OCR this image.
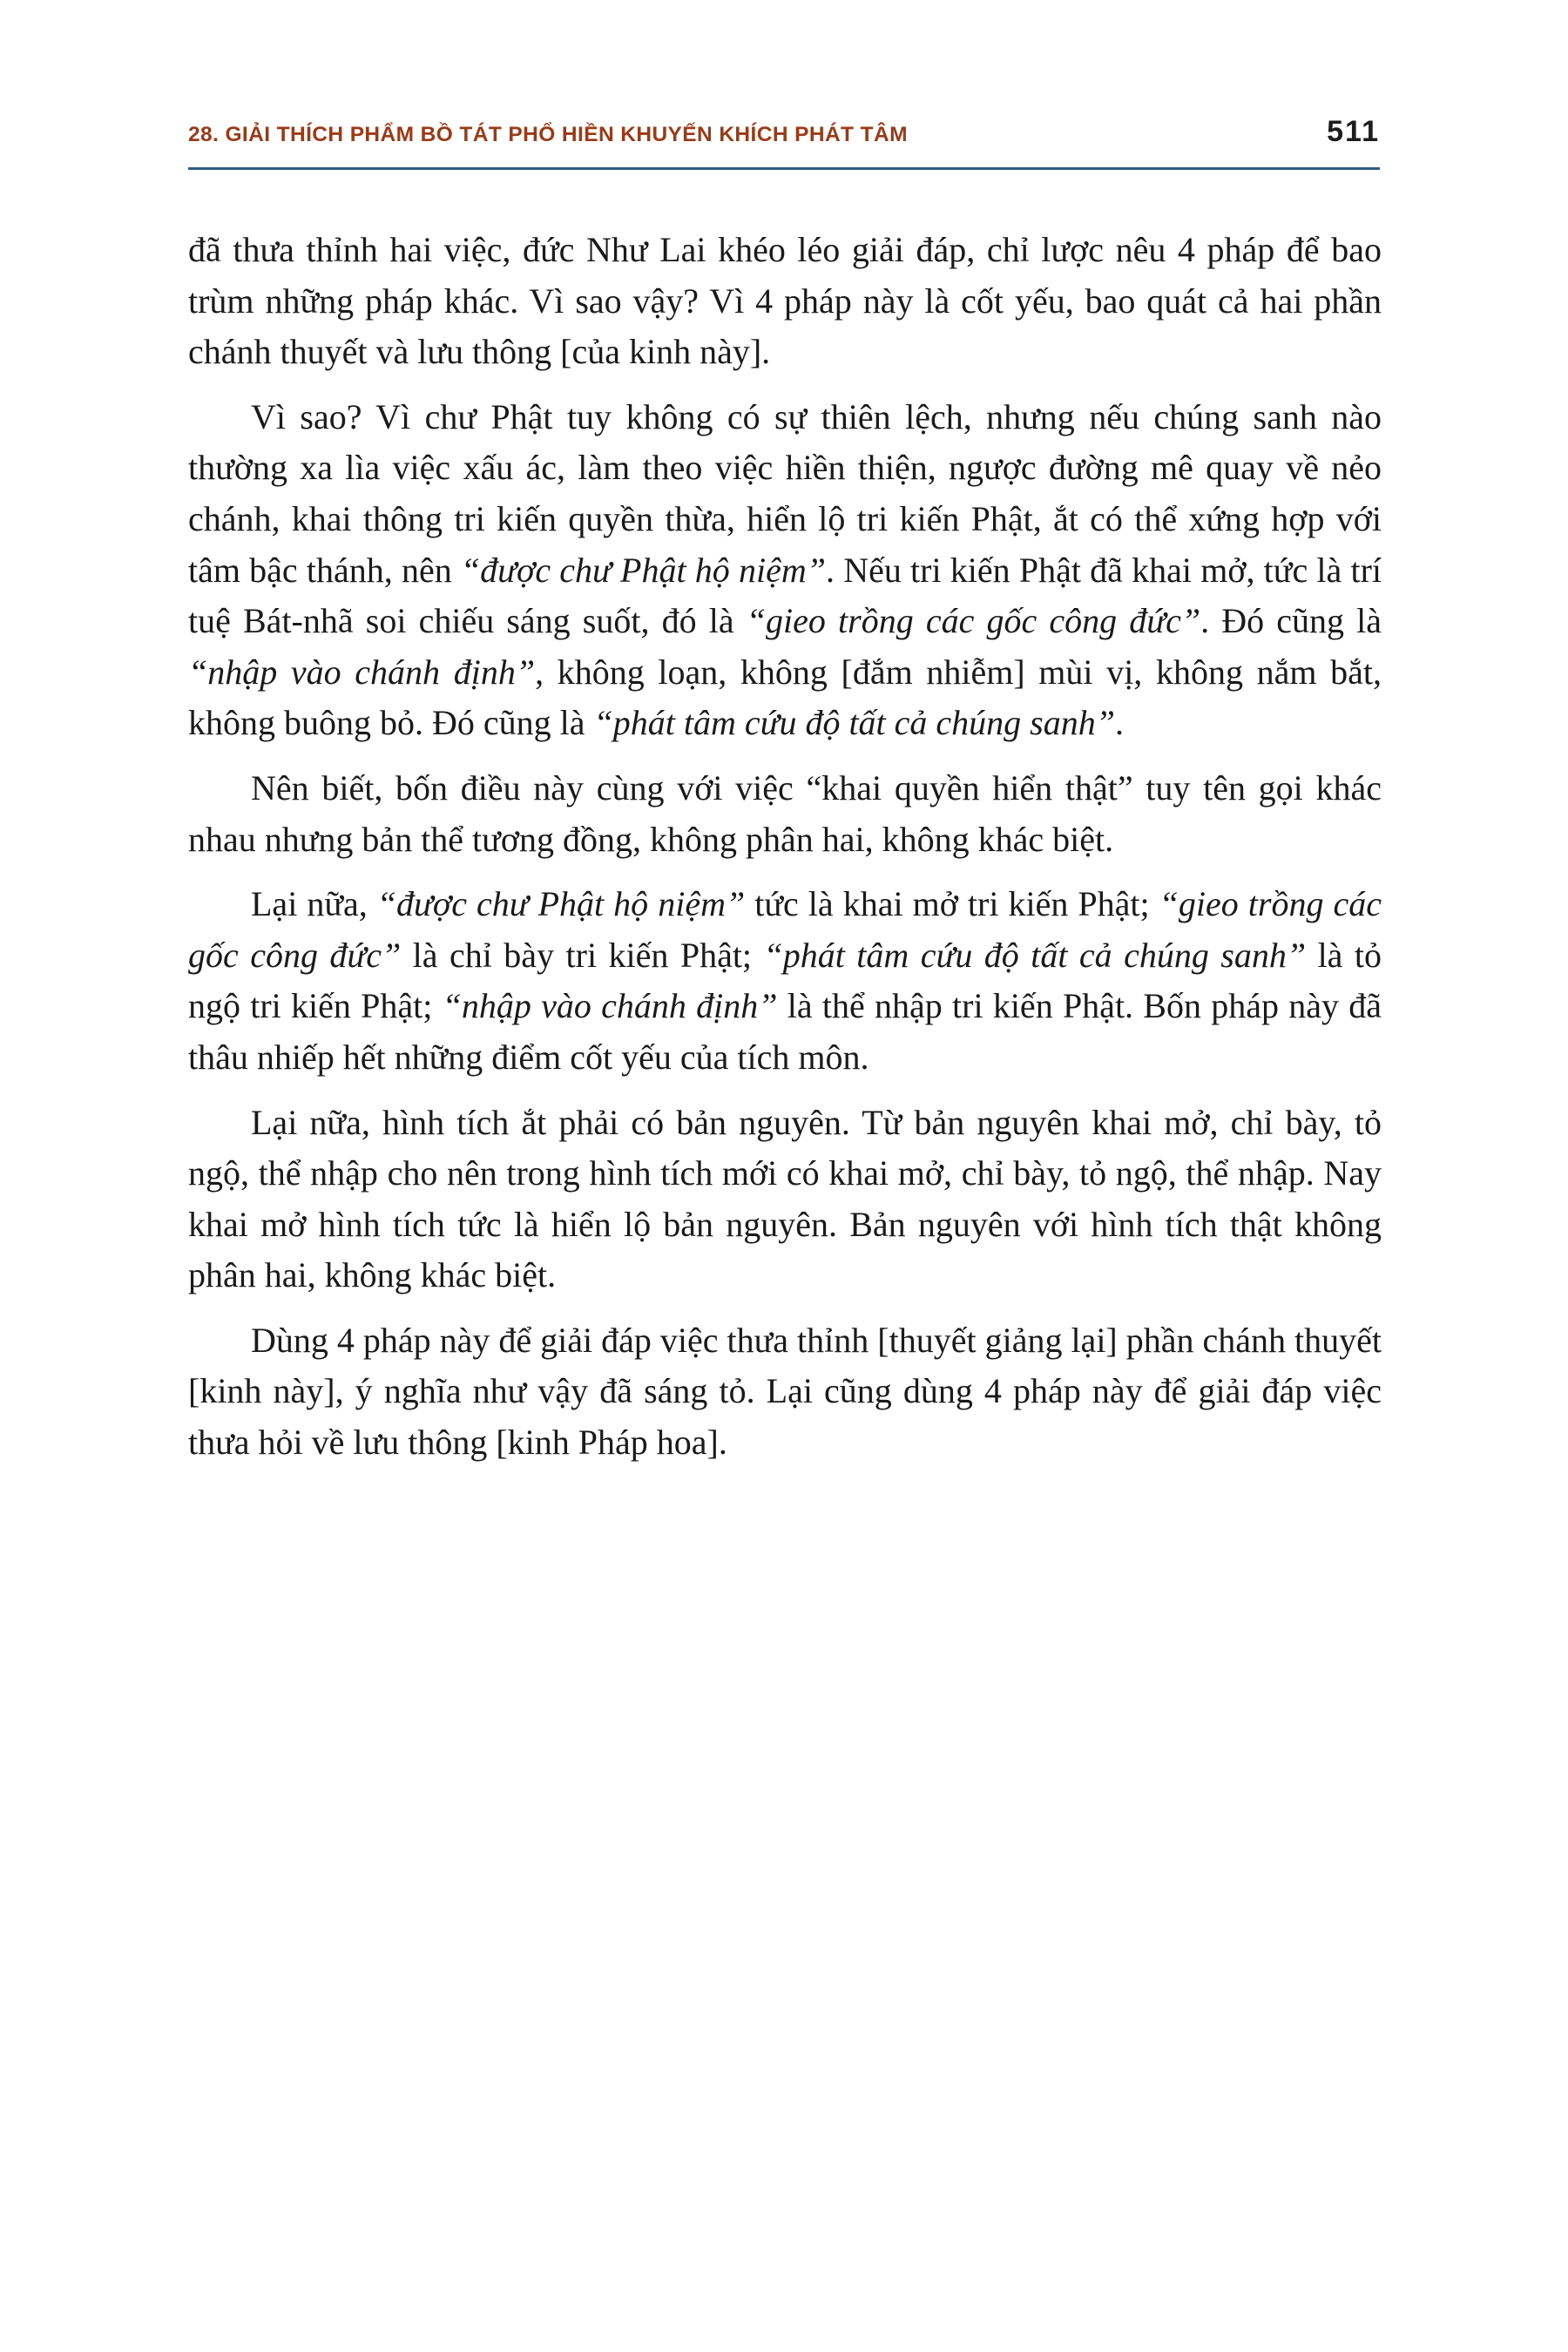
28. GIẢI THÍCH PHẨM BỒ TÁT PHỔ HIỀN KHUYẾN KHÍCH PHÁT TÂM	511

đã thưa thỉnh hai việc, đức Như Lai khéo léo giải đáp, chỉ lược nêu 4 pháp để bao trùm những pháp khác. Vì sao vậy? Vì 4 pháp này là cốt yếu, bao quát cả hai phần chánh thuyết và lưu thông [của kinh này].

Vì sao? Vì chư Phật tuy không có sự thiên lệch, nhưng nếu chúng sanh nào thường xa lìa việc xấu ác, làm theo việc hiền thiện, ngược đường mê quay về nẻo chánh, khai thông tri kiến quyền thừa, hiển lộ tri kiến Phật, ắt có thể xứng hợp với tâm bậc thánh, nên “được chư Phật hộ niệm”. Nếu tri kiến Phật đã khai mở, tức là trí tuệ Bát-nhã soi chiếu sáng suốt, đó là “gieo trồng các gốc công đức”. Đó cũng là “nhập vào chánh định”, không loạn, không [đắm nhiễm] mùi vị, không nắm bắt, không buông bỏ. Đó cũng là “phát tâm cứu độ tất cả chúng sanh”.

Nên biết, bốn điều này cùng với việc “khai quyền hiển thật” tuy tên gọi khác nhau nhưng bản thể tương đồng, không phân hai, không khác biệt.

Lại nữa, “được chư Phật hộ niệm” tức là khai mở tri kiến Phật; “gieo trồng các gốc công đức” là chỉ bày tri kiến Phật; “phát tâm cứu độ tất cả chúng sanh” là tỏ ngộ tri kiến Phật; “nhập vào chánh định” là thể nhập tri kiến Phật. Bốn pháp này đã thâu nhiếp hết những điểm cốt yếu của tích môn.

Lại nữa, hình tích ắt phải có bản nguyên. Từ bản nguyên khai mở, chỉ bày, tỏ ngộ, thể nhập cho nên trong hình tích mới có khai mở, chỉ bày, tỏ ngộ, thể nhập. Nay khai mở hình tích tức là hiển lộ bản nguyên. Bản nguyên với hình tích thật không phân hai, không khác biệt.

Dùng 4 pháp này để giải đáp việc thưa thỉnh [thuyết giảng lại] phần chánh thuyết [kinh này], ý nghĩa như vậy đã sáng tỏ. Lại cũng dùng 4 pháp này để giải đáp việc thưa hỏi về lưu thông [kinh Pháp hoa].
